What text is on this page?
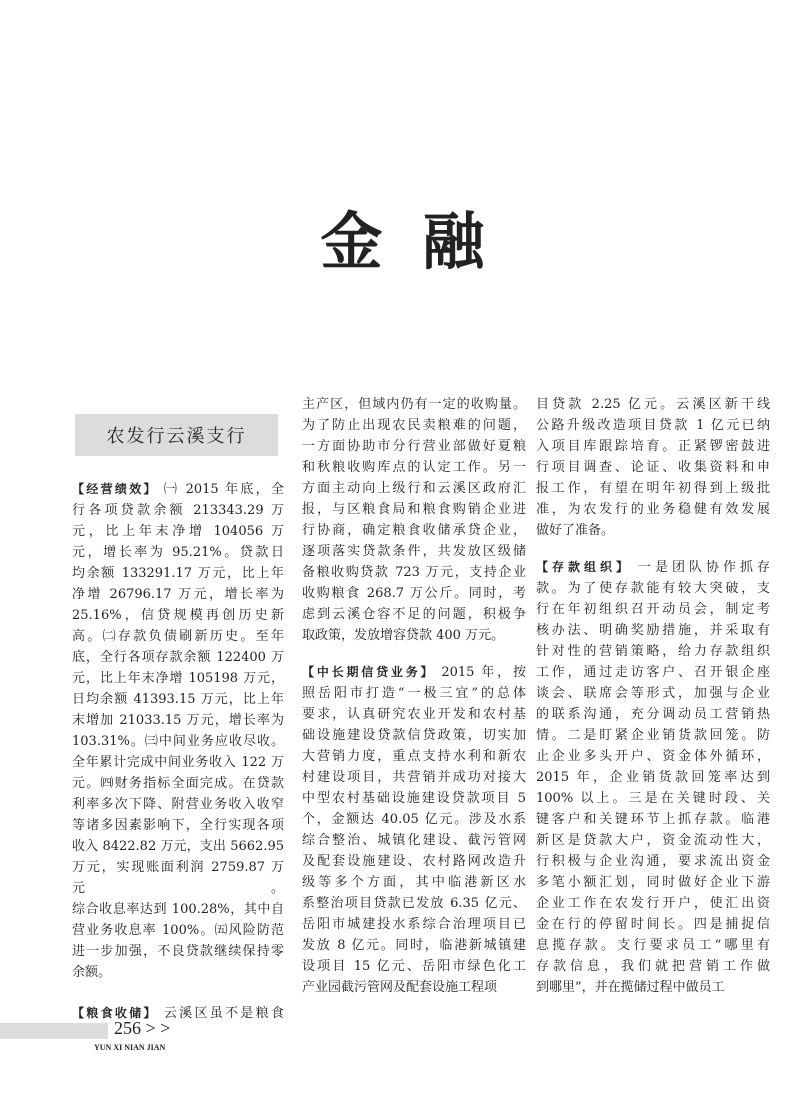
金融
农发行云溪支行
【经营绩效】 ㈠ 2015 年底，全
行各项贷款余额 213343.29 万
元，比上年末净增 104056 万
元，增长率为 95.21%。贷款日
均余额 133291.17 万元，比上年
净增 26796.17 万元，增长率为
25.16%，信贷规模再创历史新
高。㈡存款负债刷新历史。至年
底，全行各项存款余额 122400 万
元，比上年末净增 105198 万元，
日均余额 41393.15 万元，比上年
末增加 21033.15 万元，增长率为
103.31%。㈢中间业务应收尽收。
全年累计完成中间业务收入 122 万
元。㈣财务指标全面完成。在贷款
利率多次下降、附营业务收入收窄
等诸多因素影响下，全行实现各项
收入 8422.82 万元，支出 5662.95
万元，实现账面利润 2759.87 万元。
综合收息率达到 100.28%，其中自
营业务收息率 100%。㈤风险防范
进一步加强，不良贷款继续保持零
余额。
【粮食收储】 云溪区虽不是粮食
主产区，但域内仍有一定的收购量。
为了防止出现农民卖粮难的问题，
一方面协助市分行营业部做好夏粮
和秋粮收购库点的认定工作。另一
方面主动向上级行和云溪区政府汇
报，与区粮食局和粮食购销企业进
行协商，确定粮食收储承贷企业，
逐项落实贷款条件，共发放区级储
备粮收购贷款 723 万元，支持企业
收购粮食 268.7 万公斤。同时，考
虑到云溪仓容不足的问题，积极争
取政策，发放增容贷款 400 万元。
【中长期信贷业务】 2015 年，按
照岳阳市打造“一极三宜”的总体
要求，认真研究农业开发和农村基
础设施建设贷款信贷政策，切实加
大营销力度，重点支持水利和新农
村建设项目，共营销并成功对接大
中型农村基础设施建设贷款项目 5
个，金额达 40.05 亿元。涉及水系
综合整治、城镇化建设、截污管网
及配套设施建设、农村路网改造升
级等多个方面，其中临港新区水
系整治项目贷款已发放 6.35 亿元、
岳阳市城建投水系综合治理项目已
发放 8 亿元。同时，临港新城镇建
设项目 15 亿元、岳阳市绿色化工
产业园截污管网及配套设施工程项
目贷款 2.25 亿元。云溪区新干线
公路升级改造项目贷款 1 亿元已纳
入项目库跟踪培育。正紧锣密鼓进
行项目调查、论证、收集资料和申
报工作，有望在明年初得到上级批
准，为农发行的业务稳健有效发展
做好了准备。
【存款组织】 一是团队协作抓存
款。为了使存款能有较大突破，支
行在年初组织召开动员会，制定考
核办法、明确奖励措施，并采取有
针对性的营销策略，给力存款组织
工作，通过走访客户、召开银企座
谈会、联席会等形式，加强与企业
的联系沟通，充分调动员工营销热
情。二是盯紧企业销货款回笼。防
止企业多头开户、资金体外循环，
2015 年，企业销货款回笼率达到
100% 以上。三是在关键时段、关
键客户和关键环节上抓存款。临港
新区是贷款大户，资金流动性大，
行积极与企业沟通，要求流出资金
多笔小额汇划，同时做好企业下游
企业工作在农发行开户，使汇出资
金在行的停留时间长。四是捕捉信
息揽存款。支行要求员工“哪里有
存款信息，我们就把营销工作做
到哪里”，并在揽储过程中做员工
256 > >
YUN XI NIAN JIAN
